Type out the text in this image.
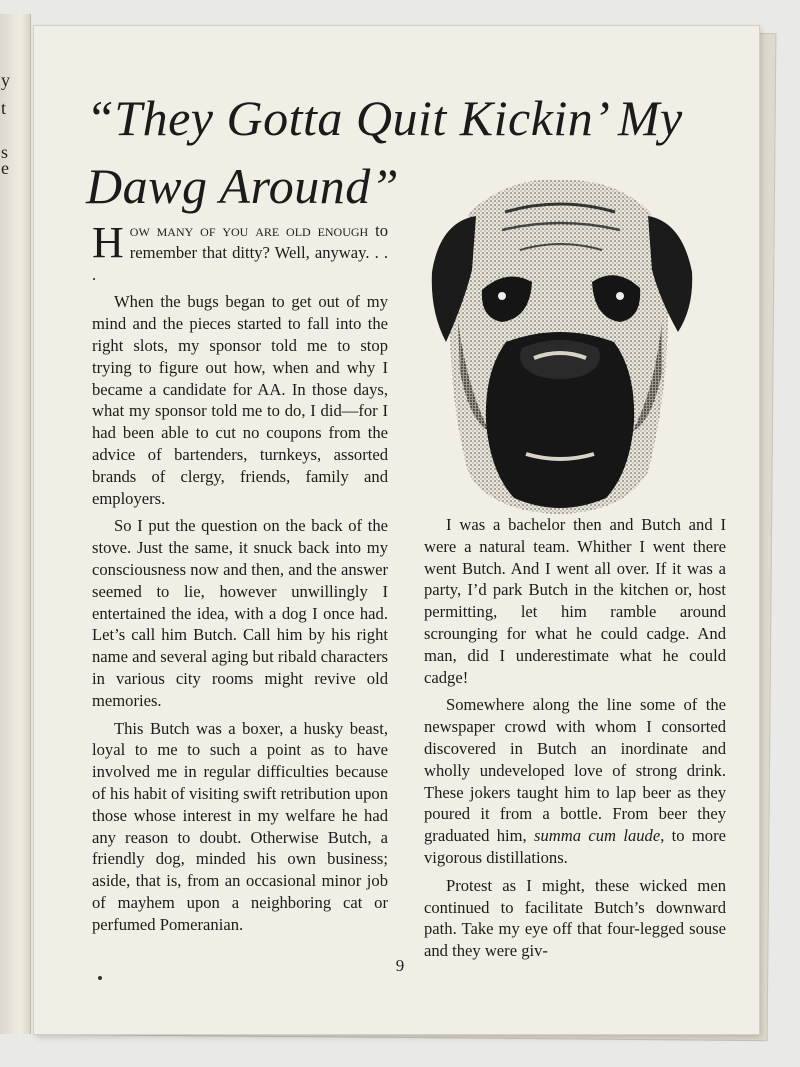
y
t
s
e
“They Gotta Quit Kickin’ My Dawg Around”

How many of you are old enough to remember that ditty? Well, anyway. . . .

When the bugs began to get out of my mind and the pieces started to fall into the right slots, my sponsor told me to stop trying to figure out how, when and why I became a candidate for AA. In those days, what my sponsor told me to do, I did—for I had been able to cut no coupons from the advice of bartenders, turnkeys, assorted brands of clergy, friends, family and employers.

So I put the question on the back of the stove. Just the same, it snuck back into my consciousness now and then, and the answer seemed to lie, however unwillingly I entertained the idea, with a dog I once had. Let’s call him Butch. Call him by his right name and several aging but ribald characters in various city rooms might revive old memories.

This Butch was a boxer, a husky beast, loyal to me to such a point as to have involved me in regular difficulties because of his habit of visiting swift retribution upon those whose interest in my welfare he had any reason to doubt. Otherwise Butch, a friendly dog, minded his own business; aside, that is, from an occasional minor job of mayhem upon a neighboring cat or perfumed Pomeranian.

I was a bachelor then and Butch and I were a natural team. Whither I went there went Butch. And I went all over. If it was a party, I’d park Butch in the kitchen or, host permitting, let him ramble around scrounging for what he could cadge. And man, did I underestimate what he could cadge!

Somewhere along the line some of the newspaper crowd with whom I consorted discovered in Butch an inordinate and wholly undeveloped love of strong drink. These jokers taught him to lap beer as they poured it from a bottle. From beer they graduated him, summa cum laude, to more vigorous distillations.

Protest as I might, these wicked men continued to facilitate Butch’s downward path. Take my eye off that four-legged souse and they were giv-

9
